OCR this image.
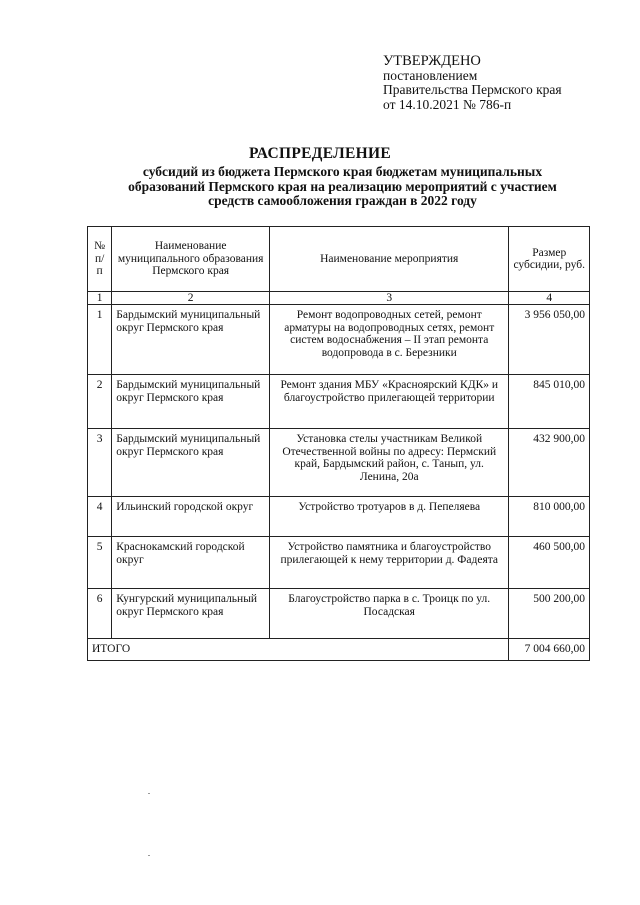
УТВЕРЖДЕНО
постановлением
Правительства Пермского края
от 14.10.2021 № 786-п
РАСПРЕДЕЛЕНИЕ
субсидий из бюджета Пермского края бюджетам муниципальных
образований Пермского края на реализацию мероприятий с участием
средств самообложения граждан в 2022 году
№ п/п	Наименование муниципального образования Пермского края	Наименование мероприятия	Размер субсидии, руб.
1	2	3	4
1	Бардымский муниципальный округ Пермского края	Ремонт водопроводных сетей, ремонт арматуры на водопроводных сетях, ремонт систем водоснабжения – II этап ремонта водопровода в с. Березники	3 956 050,00
2	Бардымский муниципальный округ Пермского края	Ремонт здания МБУ «Красноярский КДК» и благоустройство прилегающей территории	845 010,00
3	Бардымский муниципальный округ Пермского края	Установка стелы участникам Великой Отечественной войны по адресу: Пермский край, Бардымский район, с. Танып, ул. Ленина, 20а	432 900,00
4	Ильинский городской округ	Устройство тротуаров в д. Пепеляева	810 000,00
5	Краснокамский городской округ	Устройство памятника и благоустройство прилегающей к нему территории д. Фадеята	460 500,00
6	Кунгурский муниципальный округ Пермского края	Благоустройство парка в с. Троицк по ул. Посадская	500 200,00
ИТОГО			7 004 660,00
